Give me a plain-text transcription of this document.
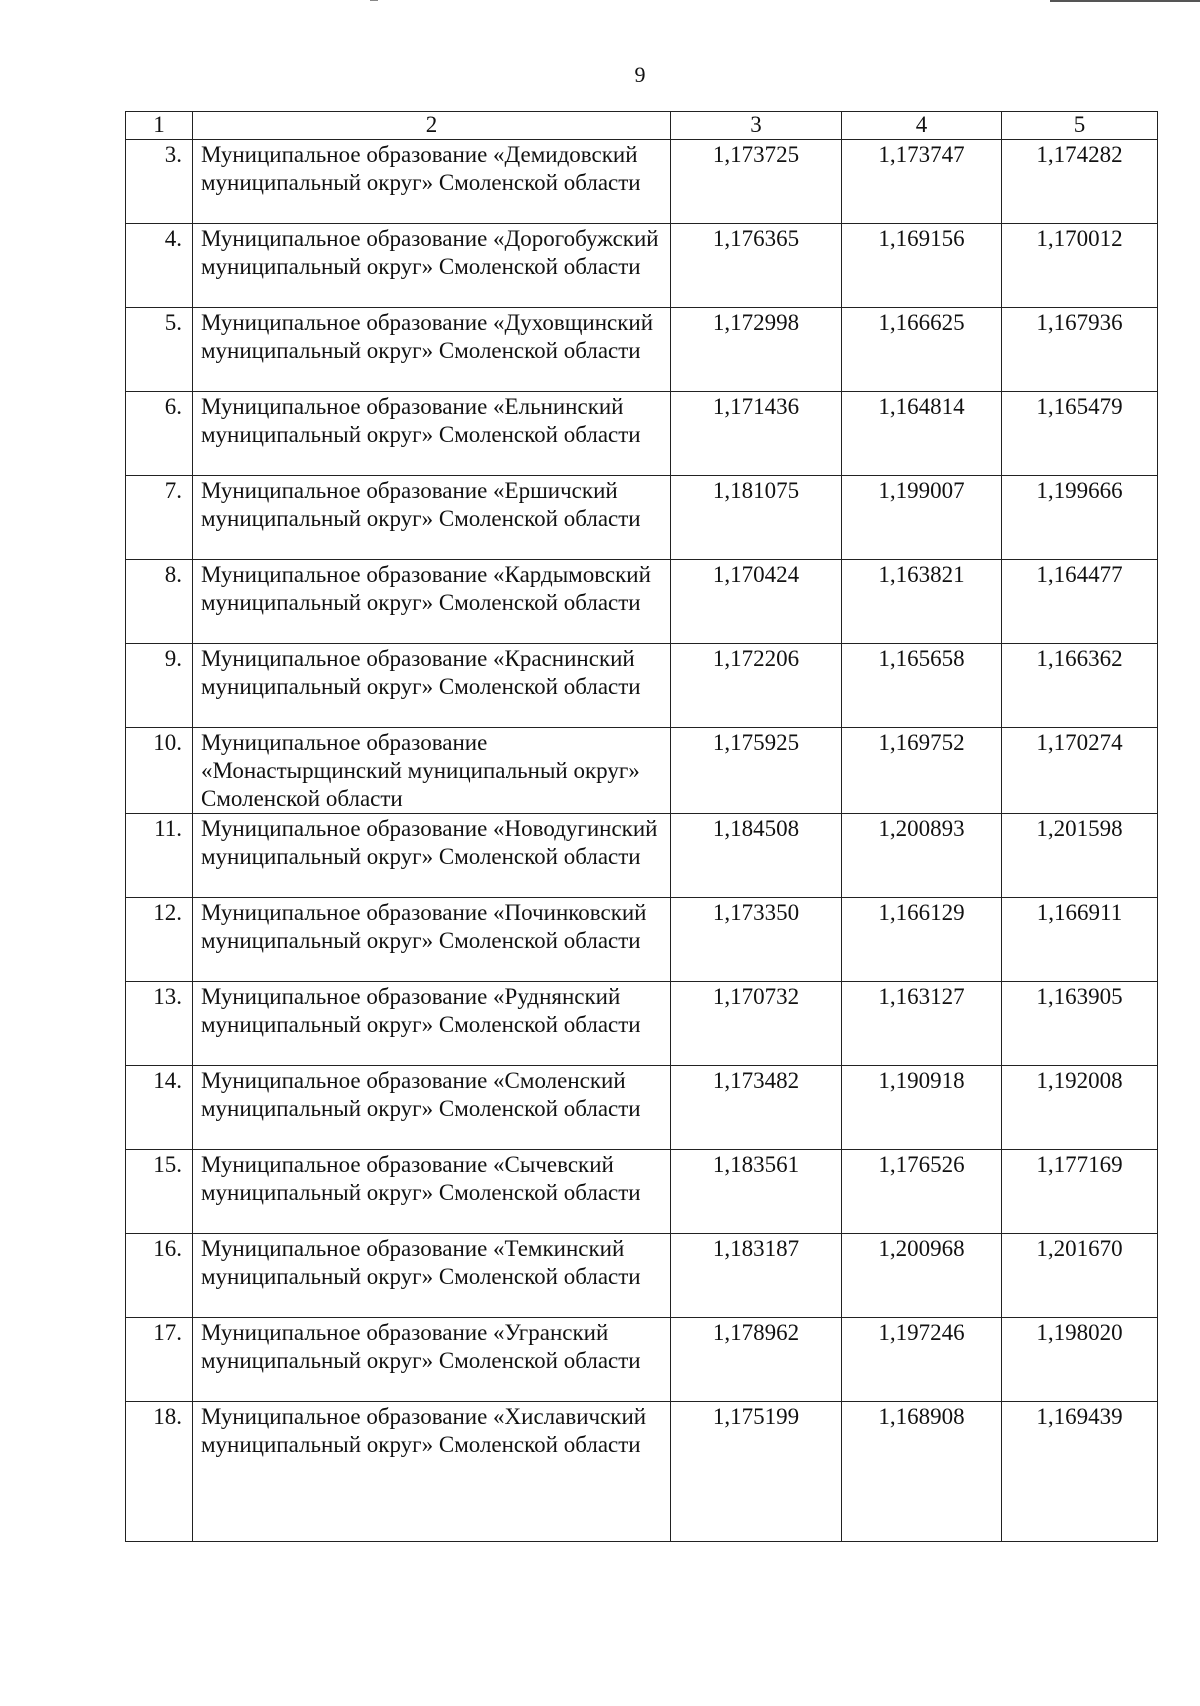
9
1	2	3	4	5
3.	Муниципальное образование «Демидовский муниципальный округ» Смоленской области	1,173725	1,173747	1,174282
4.	Муниципальное образование «Дорогобужский муниципальный округ» Смоленской области	1,176365	1,169156	1,170012
5.	Муниципальное образование «Духовщинский муниципальный округ» Смоленской области	1,172998	1,166625	1,167936
6.	Муниципальное образование «Ельнинский муниципальный округ» Смоленской области	1,171436	1,164814	1,165479
7.	Муниципальное образование «Ершичский муниципальный округ» Смоленской области	1,181075	1,199007	1,199666
8.	Муниципальное образование «Кардымовский муниципальный округ» Смоленской области	1,170424	1,163821	1,164477
9.	Муниципальное образование «Краснинский муниципальный округ» Смоленской области	1,172206	1,165658	1,166362
10.	Муниципальное образование «Монастырщинский муниципальный округ» Смоленской области	1,175925	1,169752	1,170274
11.	Муниципальное образование «Новодугинский муниципальный округ» Смоленской области	1,184508	1,200893	1,201598
12.	Муниципальное образование «Починковский муниципальный округ» Смоленской области	1,173350	1,166129	1,166911
13.	Муниципальное образование «Руднянский муниципальный округ» Смоленской области	1,170732	1,163127	1,163905
14.	Муниципальное образование «Смоленский муниципальный округ» Смоленской области	1,173482	1,190918	1,192008
15.	Муниципальное образование «Сычевский муниципальный округ» Смоленской области	1,183561	1,176526	1,177169
16.	Муниципальное образование «Темкинский муниципальный округ» Смоленской области	1,183187	1,200968	1,201670
17.	Муниципальное образование «Угранский муниципальный округ» Смоленской области	1,178962	1,197246	1,198020
18.	Муниципальное образование «Хиславичский муниципальный округ» Смоленской области	1,175199	1,168908	1,169439
